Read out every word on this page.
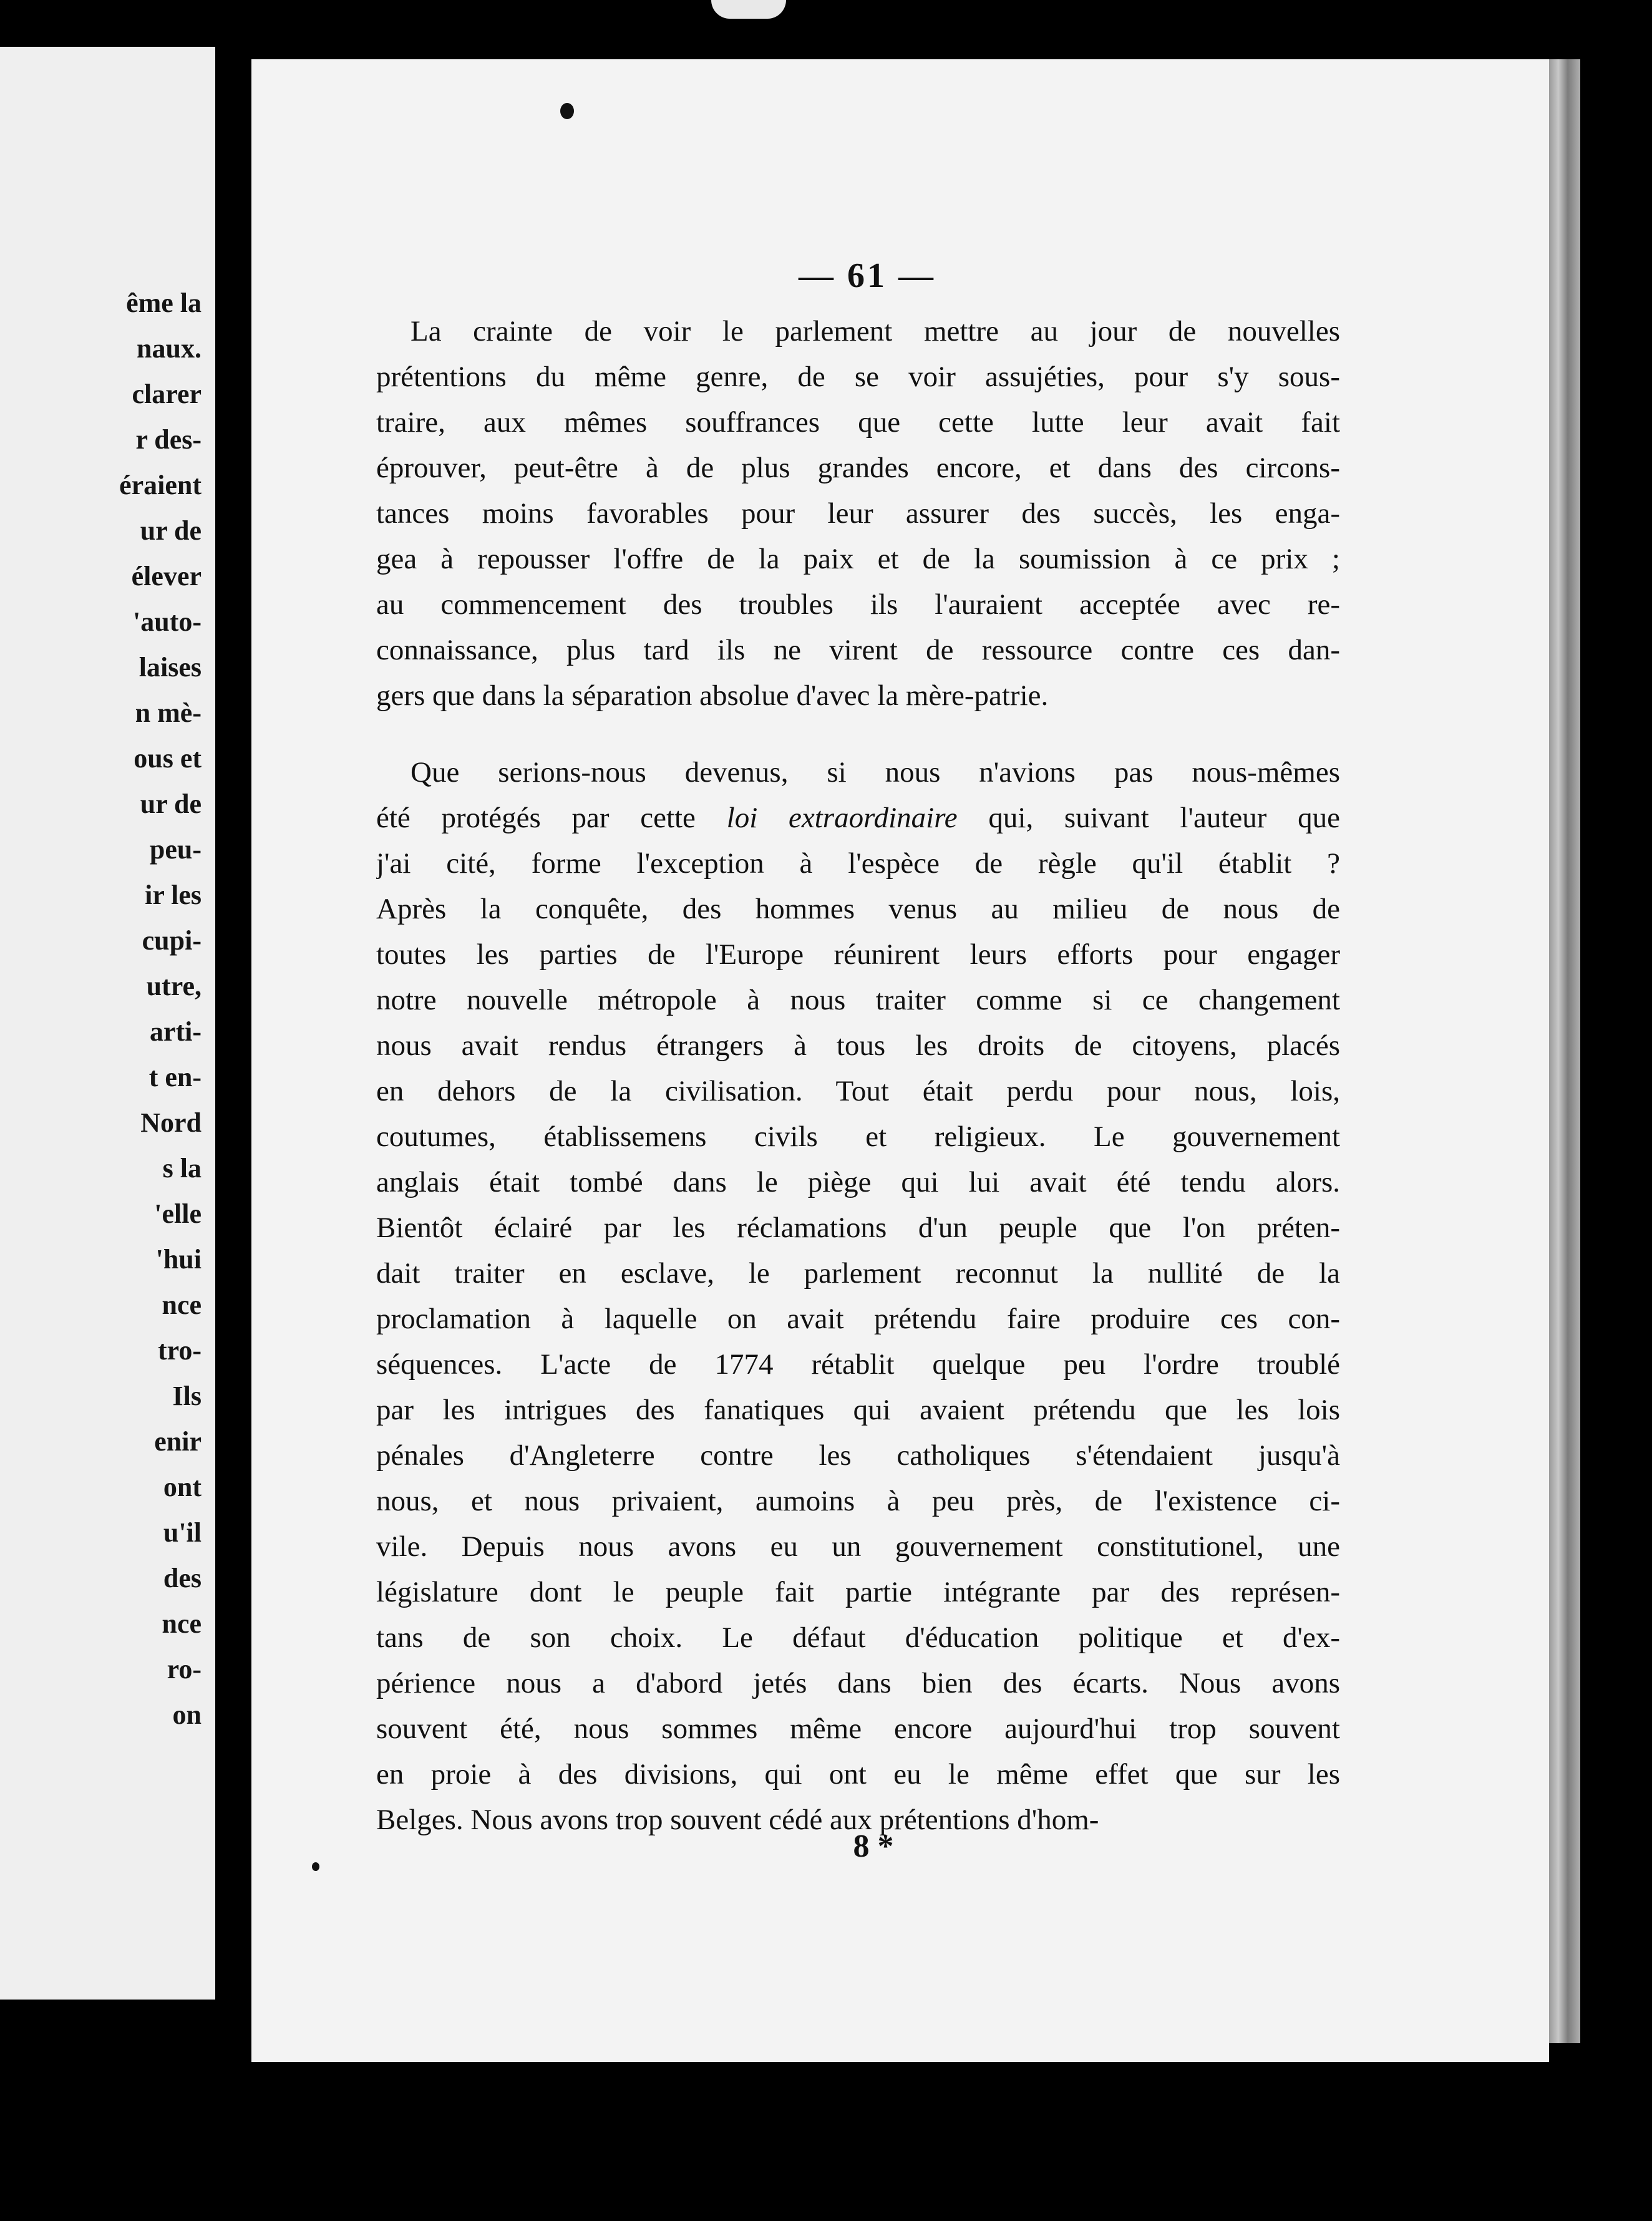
ême la
naux.
clarer
r des-
éraient
ur de
élever
'auto-
laises
n mè-
ous et
ur de
peu-
ir les
cupi-
utre,
arti-
t en-
Nord
s la
'elle
'hui
nce
tro-
Ils
enir
ont
u'il
des
nce
ro-
on
— 61 —
La crainte de voir le parlement mettre au jour de nouvelles
prétentions du même genre, de se voir assujéties, pour s'y sous-
traire, aux mêmes souffrances que cette lutte leur avait fait
éprouver, peut-être à de plus grandes encore, et dans des circons-
tances moins favorables pour leur assurer des succès, les enga-
gea à repousser l'offre de la paix et de la soumission à ce prix ;
au commencement des troubles ils l'auraient acceptée avec re-
connaissance, plus tard ils ne virent de ressource contre ces dan-
gers que dans la séparation absolue d'avec la mère-patrie.
Que serions-nous devenus, si nous n'avions pas nous-mêmes
été protégés par cette loi extraordinaire qui, suivant l'auteur que
j'ai cité, forme l'exception à l'espèce de règle qu'il établit ?
Après la conquête, des hommes venus au milieu de nous de
toutes les parties de l'Europe réunirent leurs efforts pour engager
notre nouvelle métropole à nous traiter comme si ce changement
nous avait rendus étrangers à tous les droits de citoyens, placés
en dehors de la civilisation. Tout était perdu pour nous, lois,
coutumes, établissemens civils et religieux. Le gouvernement
anglais était tombé dans le piège qui lui avait été tendu alors.
Bientôt éclairé par les réclamations d'un peuple que l'on préten-
dait traiter en esclave, le parlement reconnut la nullité de la
proclamation à laquelle on avait prétendu faire produire ces con-
séquences. L'acte de 1774 rétablit quelque peu l'ordre troublé
par les intrigues des fanatiques qui avaient prétendu que les lois
pénales d'Angleterre contre les catholiques s'étendaient jusqu'à
nous, et nous privaient, aumoins à peu près, de l'existence ci-
vile. Depuis nous avons eu un gouvernement constitutionel, une
législature dont le peuple fait partie intégrante par des représen-
tans de son choix. Le défaut d'éducation politique et d'ex-
périence nous a d'abord jetés dans bien des écarts. Nous avons
souvent été, nous sommes même encore aujourd'hui trop souvent
en proie à des divisions, qui ont eu le même effet que sur les
Belges. Nous avons trop souvent cédé aux prétentions d'hom-
8 *
